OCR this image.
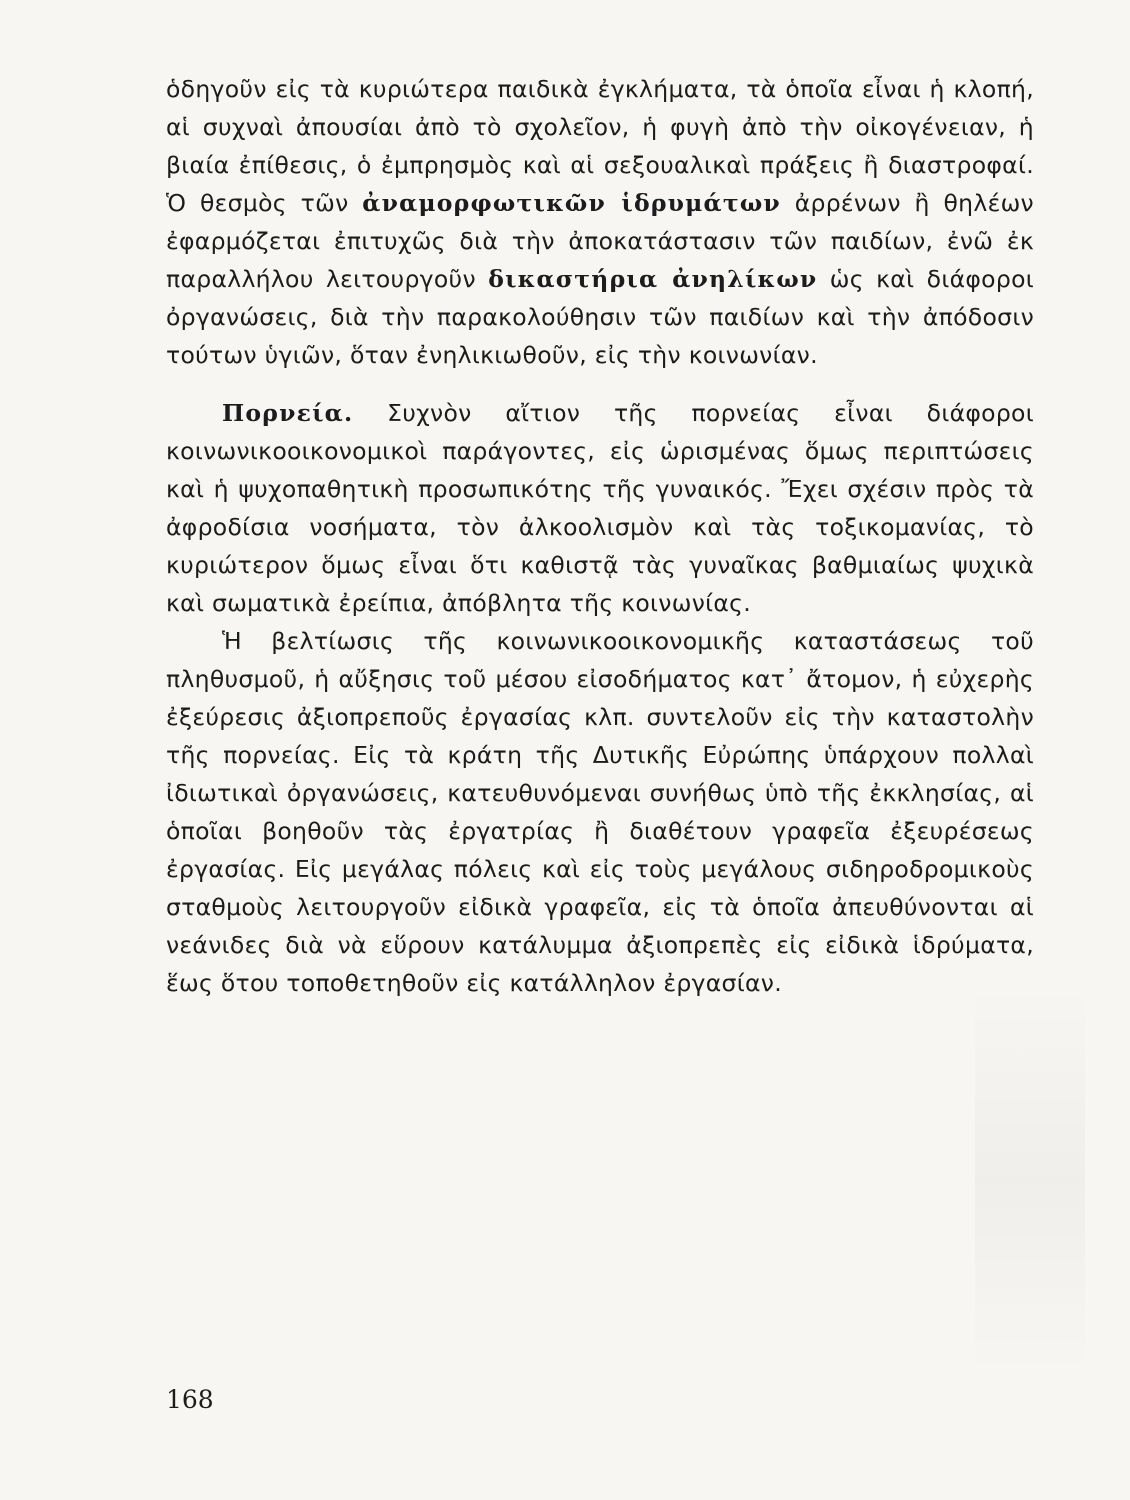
ὁδηγοῦν εἰς τὰ κυριώτερα παιδικὰ ἐγκλήματα, τὰ ὁποῖα εἶναι ἡ κλοπή, αἱ συχναὶ ἀπουσίαι ἀπὸ τὸ σχολεῖον, ἡ φυγὴ ἀπὸ τὴν οἰκογένειαν, ἡ βιαία ἐπίθεσις, ὁ ἐμπρησμὸς καὶ αἱ σεξουαλικαὶ πράξεις ἢ διαστροφαί. Ὁ θεσμὸς τῶν ἀναμορφωτικῶν ἱδρυμάτων ἀρρένων ἢ θηλέων ἐφαρμόζεται ἐπιτυχῶς διὰ τὴν ἀποκατάστασιν τῶν παιδίων, ἐνῶ ἐκ παραλλήλου λειτουργοῦν δικαστήρια ἀνηλίκων ὡς καὶ διάφοροι ὀργανώσεις, διὰ τὴν παρακολούθησιν τῶν παιδίων καὶ τὴν ἀπόδοσιν τούτων ὑγιῶν, ὅταν ἐνηλικιωθοῦν, εἰς τὴν κοινωνίαν.

Πορνεία. Συχνὸν αἴτιον τῆς πορνείας εἶναι διάφοροι κοινωνικοοικονομικοὶ παράγοντες, εἰς ὡρισμένας ὅμως περιπτώσεις καὶ ἡ ψυχοπαθητικὴ προσωπικότης τῆς γυναικός. Ἔχει σχέσιν πρὸς τὰ ἀφροδίσια νοσήματα, τὸν ἀλκοολισμὸν καὶ τὰς τοξικομανίας, τὸ κυριώτερον ὅμως εἶναι ὅτι καθιστᾷ τὰς γυναῖκας βαθμιαίως ψυχικὰ καὶ σωματικὰ ἐρείπια, ἀπόβλητα τῆς κοινωνίας.

Ἡ βελτίωσις τῆς κοινωνικοοικονομικῆς καταστάσεως τοῦ πληθυσμοῦ, ἡ αὔξησις τοῦ μέσου εἰσοδήματος κατ᾽ ἄτομον, ἡ εὐχερὴς ἐξεύρεσις ἀξιοπρεποῦς ἐργασίας κλπ. συντελοῦν εἰς τὴν καταστολὴν τῆς πορνείας. Εἰς τὰ κράτη τῆς Δυτικῆς Εὐρώπης ὑπάρχουν πολλαὶ ἰδιωτικαὶ ὀργανώσεις, κατευθυνόμεναι συνήθως ὑπὸ τῆς ἐκκλησίας, αἱ ὁποῖαι βοηθοῦν τὰς ἐργατρίας ἢ διαθέτουν γραφεῖα ἐξευρέσεως ἐργασίας. Εἰς μεγάλας πόλεις καὶ εἰς τοὺς μεγάλους σιδηροδρομικοὺς σταθμοὺς λειτουργοῦν εἰδικὰ γραφεῖα, εἰς τὰ ὁποῖα ἀπευθύνονται αἱ νεάνιδες διὰ νὰ εὕρουν κατάλυμμα ἀξιοπρεπὲς εἰς εἰδικὰ ἱδρύματα, ἕως ὅτου τοποθετηθοῦν εἰς κατάλληλον ἐργασίαν.

168
